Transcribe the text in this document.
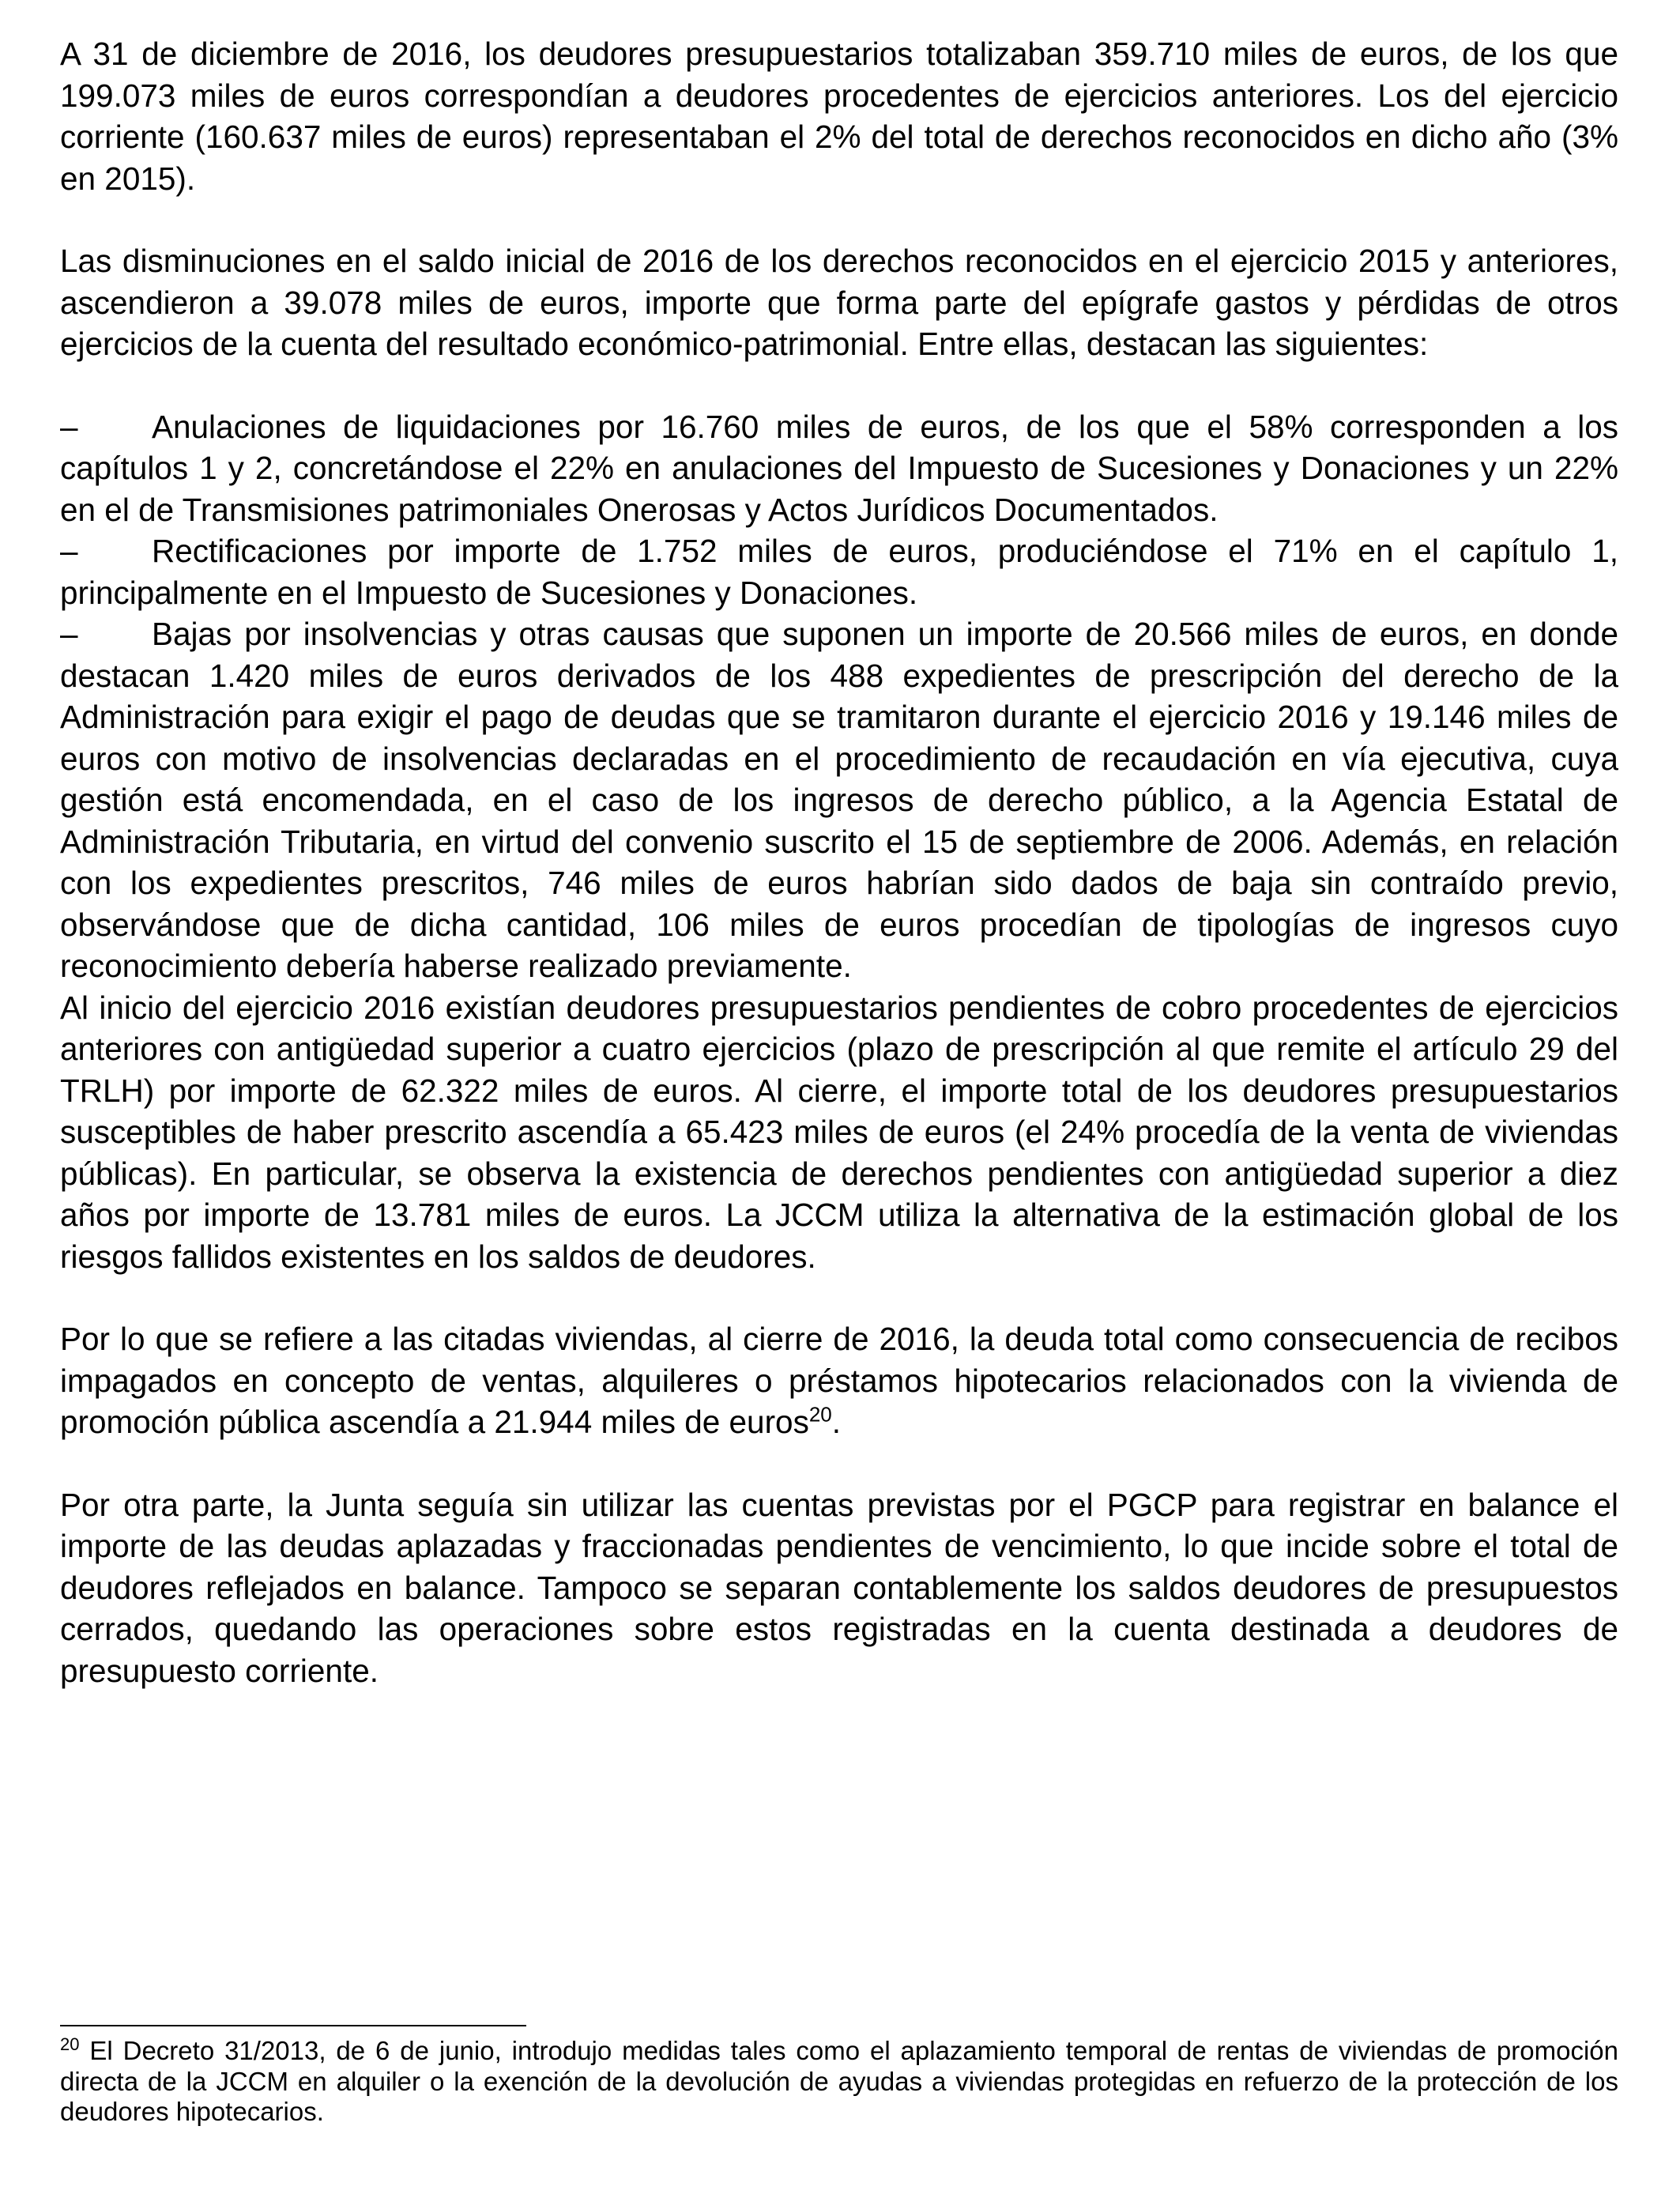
A 31 de diciembre de 2016, los deudores presupuestarios totalizaban 359.710 miles de euros, de los que 199.073 miles de euros correspondían a deudores procedentes de ejercicios anteriores. Los del ejercicio corriente (160.637 miles de euros) representaban el 2% del total de derechos reconocidos en dicho año (3% en 2015).

Las disminuciones en el saldo inicial de 2016 de los derechos reconocidos en el ejercicio 2015 y anteriores, ascendieron a 39.078 miles de euros, importe que forma parte del epígrafe gastos y pérdidas de otros ejercicios de la cuenta del resultado económico-patrimonial. Entre ellas, destacan las siguientes:

– Anulaciones de liquidaciones por 16.760 miles de euros, de los que el 58% corresponden a los capítulos 1 y 2, concretándose el 22% en anulaciones del Impuesto de Sucesiones y Donaciones y un 22% en el de Transmisiones patrimoniales Onerosas y Actos Jurídicos Documentados.

– Rectificaciones por importe de 1.752 miles de euros, produciéndose el 71% en el capítulo 1, principalmente en el Impuesto de Sucesiones y Donaciones.

– Bajas por insolvencias y otras causas que suponen un importe de 20.566 miles de euros, en donde destacan 1.420 miles de euros derivados de los 488 expedientes de prescripción del derecho de la Administración para exigir el pago de deudas que se tramitaron durante el ejercicio 2016 y 19.146 miles de euros con motivo de insolvencias declaradas en el procedimiento de recaudación en vía ejecutiva, cuya gestión está encomendada, en el caso de los ingresos de derecho público, a la Agencia Estatal de Administración Tributaria, en virtud del convenio suscrito el 15 de septiembre de 2006. Además, en relación con los expedientes prescritos, 746 miles de euros habrían sido dados de baja sin contraído previo, observándose que de dicha cantidad, 106 miles de euros procedían de tipologías de ingresos cuyo reconocimiento debería haberse realizado previamente.

Al inicio del ejercicio 2016 existían deudores presupuestarios pendientes de cobro procedentes de ejercicios anteriores con antigüedad superior a cuatro ejercicios (plazo de prescripción al que remite el artículo 29 del TRLH) por importe de 62.322 miles de euros. Al cierre, el importe total de los deudores presupuestarios susceptibles de haber prescrito ascendía a 65.423 miles de euros (el 24% procedía de la venta de viviendas públicas). En particular, se observa la existencia de derechos pendientes con antigüedad superior a diez años por importe de 13.781 miles de euros. La JCCM utiliza la alternativa de la estimación global de los riesgos fallidos existentes en los saldos de deudores.

Por lo que se refiere a las citadas viviendas, al cierre de 2016, la deuda total como consecuencia de recibos impagados en concepto de ventas, alquileres o préstamos hipotecarios relacionados con la vivienda de promoción pública ascendía a 21.944 miles de euros$^{20}$.

Por otra parte, la Junta seguía sin utilizar las cuentas previstas por el PGCP para registrar en balance el importe de las deudas aplazadas y fraccionadas pendientes de vencimiento, lo que incide sobre el total de deudores reflejados en balance. Tampoco se separan contablemente los saldos deudores de presupuestos cerrados, quedando las operaciones sobre estos registradas en la cuenta destinada a deudores de presupuesto corriente.

$^{20}$ El Decreto 31/2013, de 6 de junio, introdujo medidas tales como el aplazamiento temporal de rentas de viviendas de promoción directa de la JCCM en alquiler o la exención de la devolución de ayudas a viviendas protegidas en refuerzo de la protección de los deudores hipotecarios.
